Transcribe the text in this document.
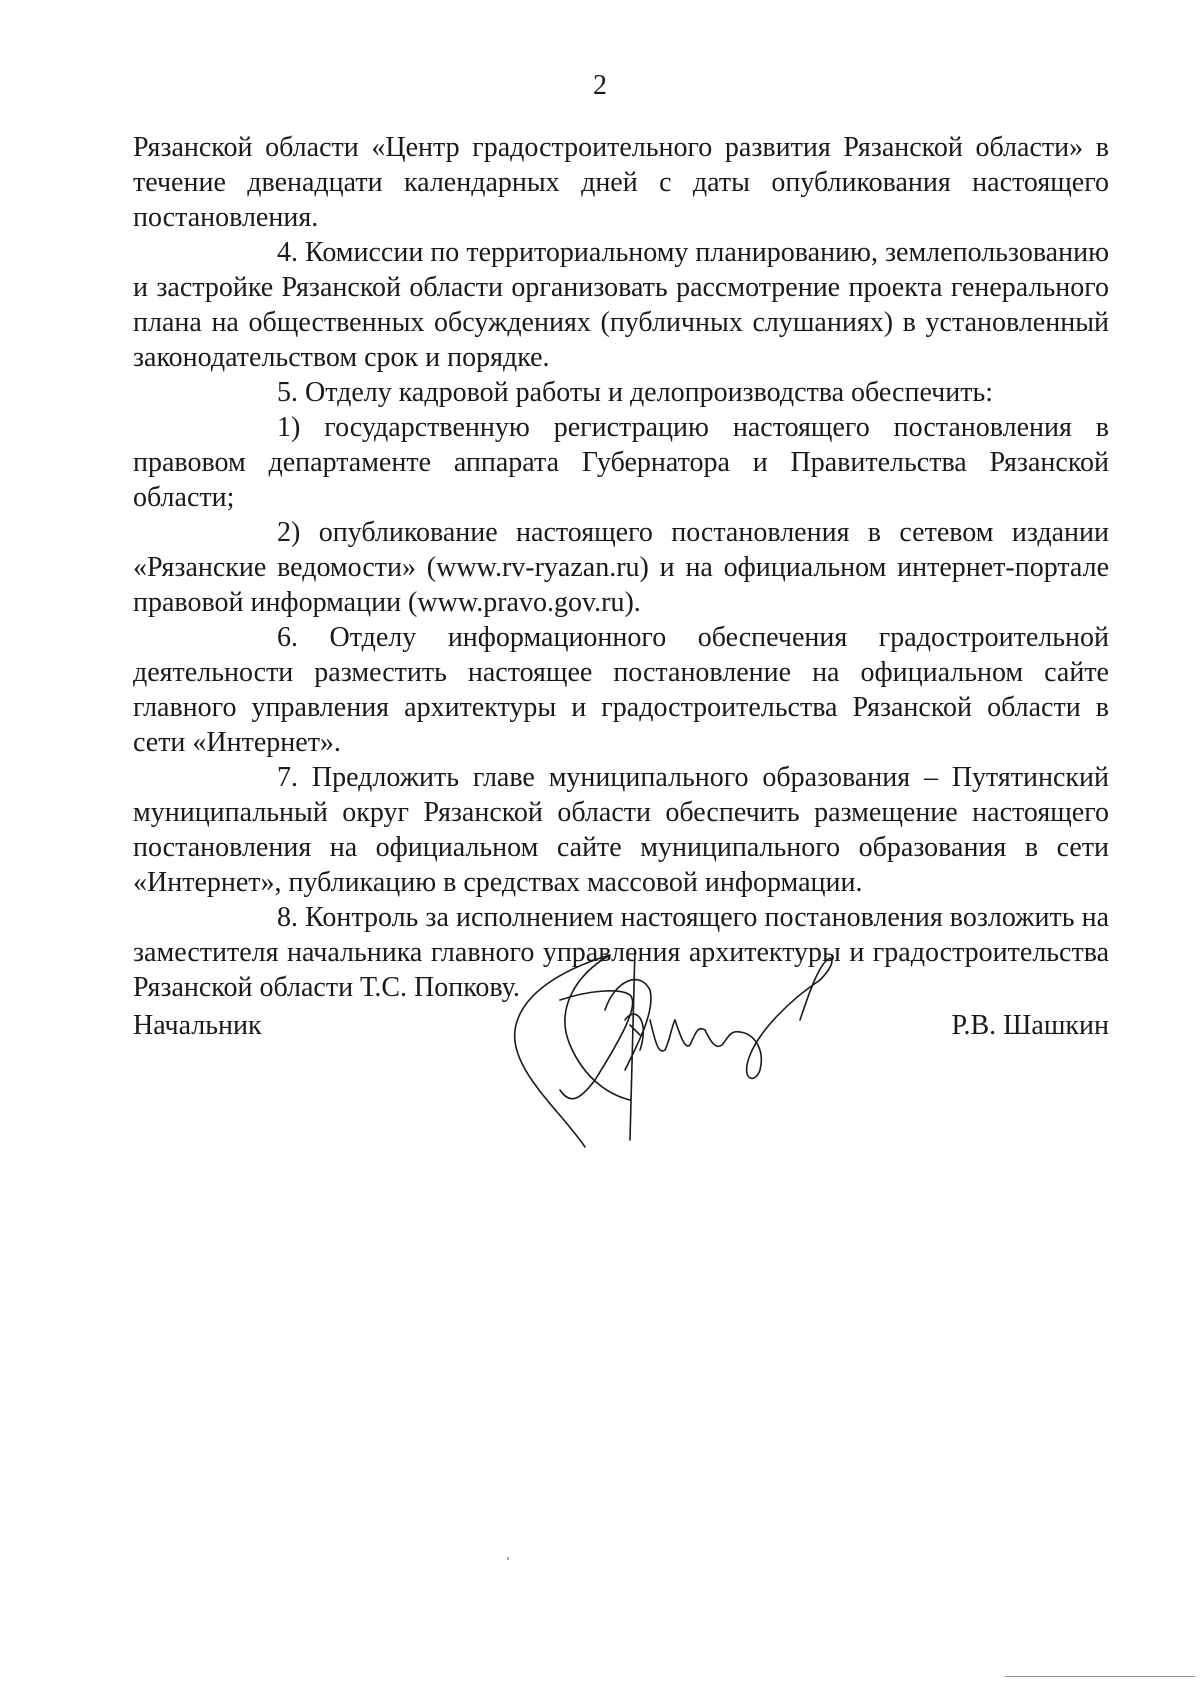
2

Рязанской области «Центр градостроительного развития Рязанской области» в течение двенадцати календарных дней с даты опубликования настоящего постановления.

4. Комиссии по территориальному планированию, землепользованию и застройке Рязанской области организовать рассмотрение проекта генерального плана на общественных обсуждениях (публичных слушаниях) в установленный законодательством срок и порядке.

5. Отделу кадровой работы и делопроизводства обеспечить:

1) государственную регистрацию настоящего постановления в правовом департаменте аппарата Губернатора и Правительства Рязанской области;

2) опубликование настоящего постановления в сетевом издании «Рязанские ведомости» (www.rv-ryazan.ru) и на официальном интернет-портале правовой информации (www.pravo.gov.ru).

6. Отделу информационного обеспечения градостроительной деятельности разместить настоящее постановление на официальном сайте главного управления архитектуры и градостроительства Рязанской области в сети «Интернет».

7. Предложить главе муниципального образования – Путятинский муниципальный округ Рязанской области обеспечить размещение настоящего постановления на официальном сайте муниципального образования в сети «Интернет», публикацию в средствах массовой информации.

8. Контроль за исполнением настоящего постановления возложить на заместителя начальника главного управления архитектуры и градостроительства Рязанской области Т.С. Попкову.

Начальник	Р.В. Шашкин
